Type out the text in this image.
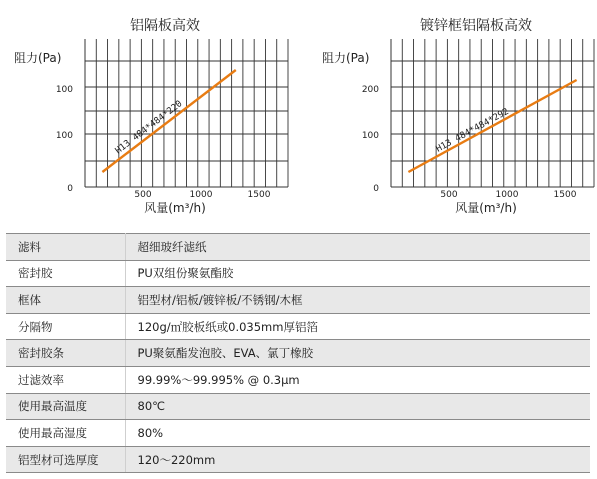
铝隔板高效
阻力(Pa)
0
100
100
500	1000	1500
H13 484*484*220
风量(m³/h)
镀锌框铝隔板高效
阻力(Pa)
0
100
200
500	1000	1500
H13 484*484*292
风量(m³/h)
滤料	超细玻纤滤纸
密封胶	PU双组份聚氨酯胶
框体	铝型材/铝板/镀锌板/不锈钢/木框
分隔物	120g/㎡胶板纸或0.035mm厚铝箔
密封胶条	PU聚氨酯发泡胶、EVA、氯丁橡胶
过滤效率	99.99%～99.995% @ 0.3μm
使用最高温度	80℃
使用最高湿度	80%
铝型材可选厚度	120～220mm
